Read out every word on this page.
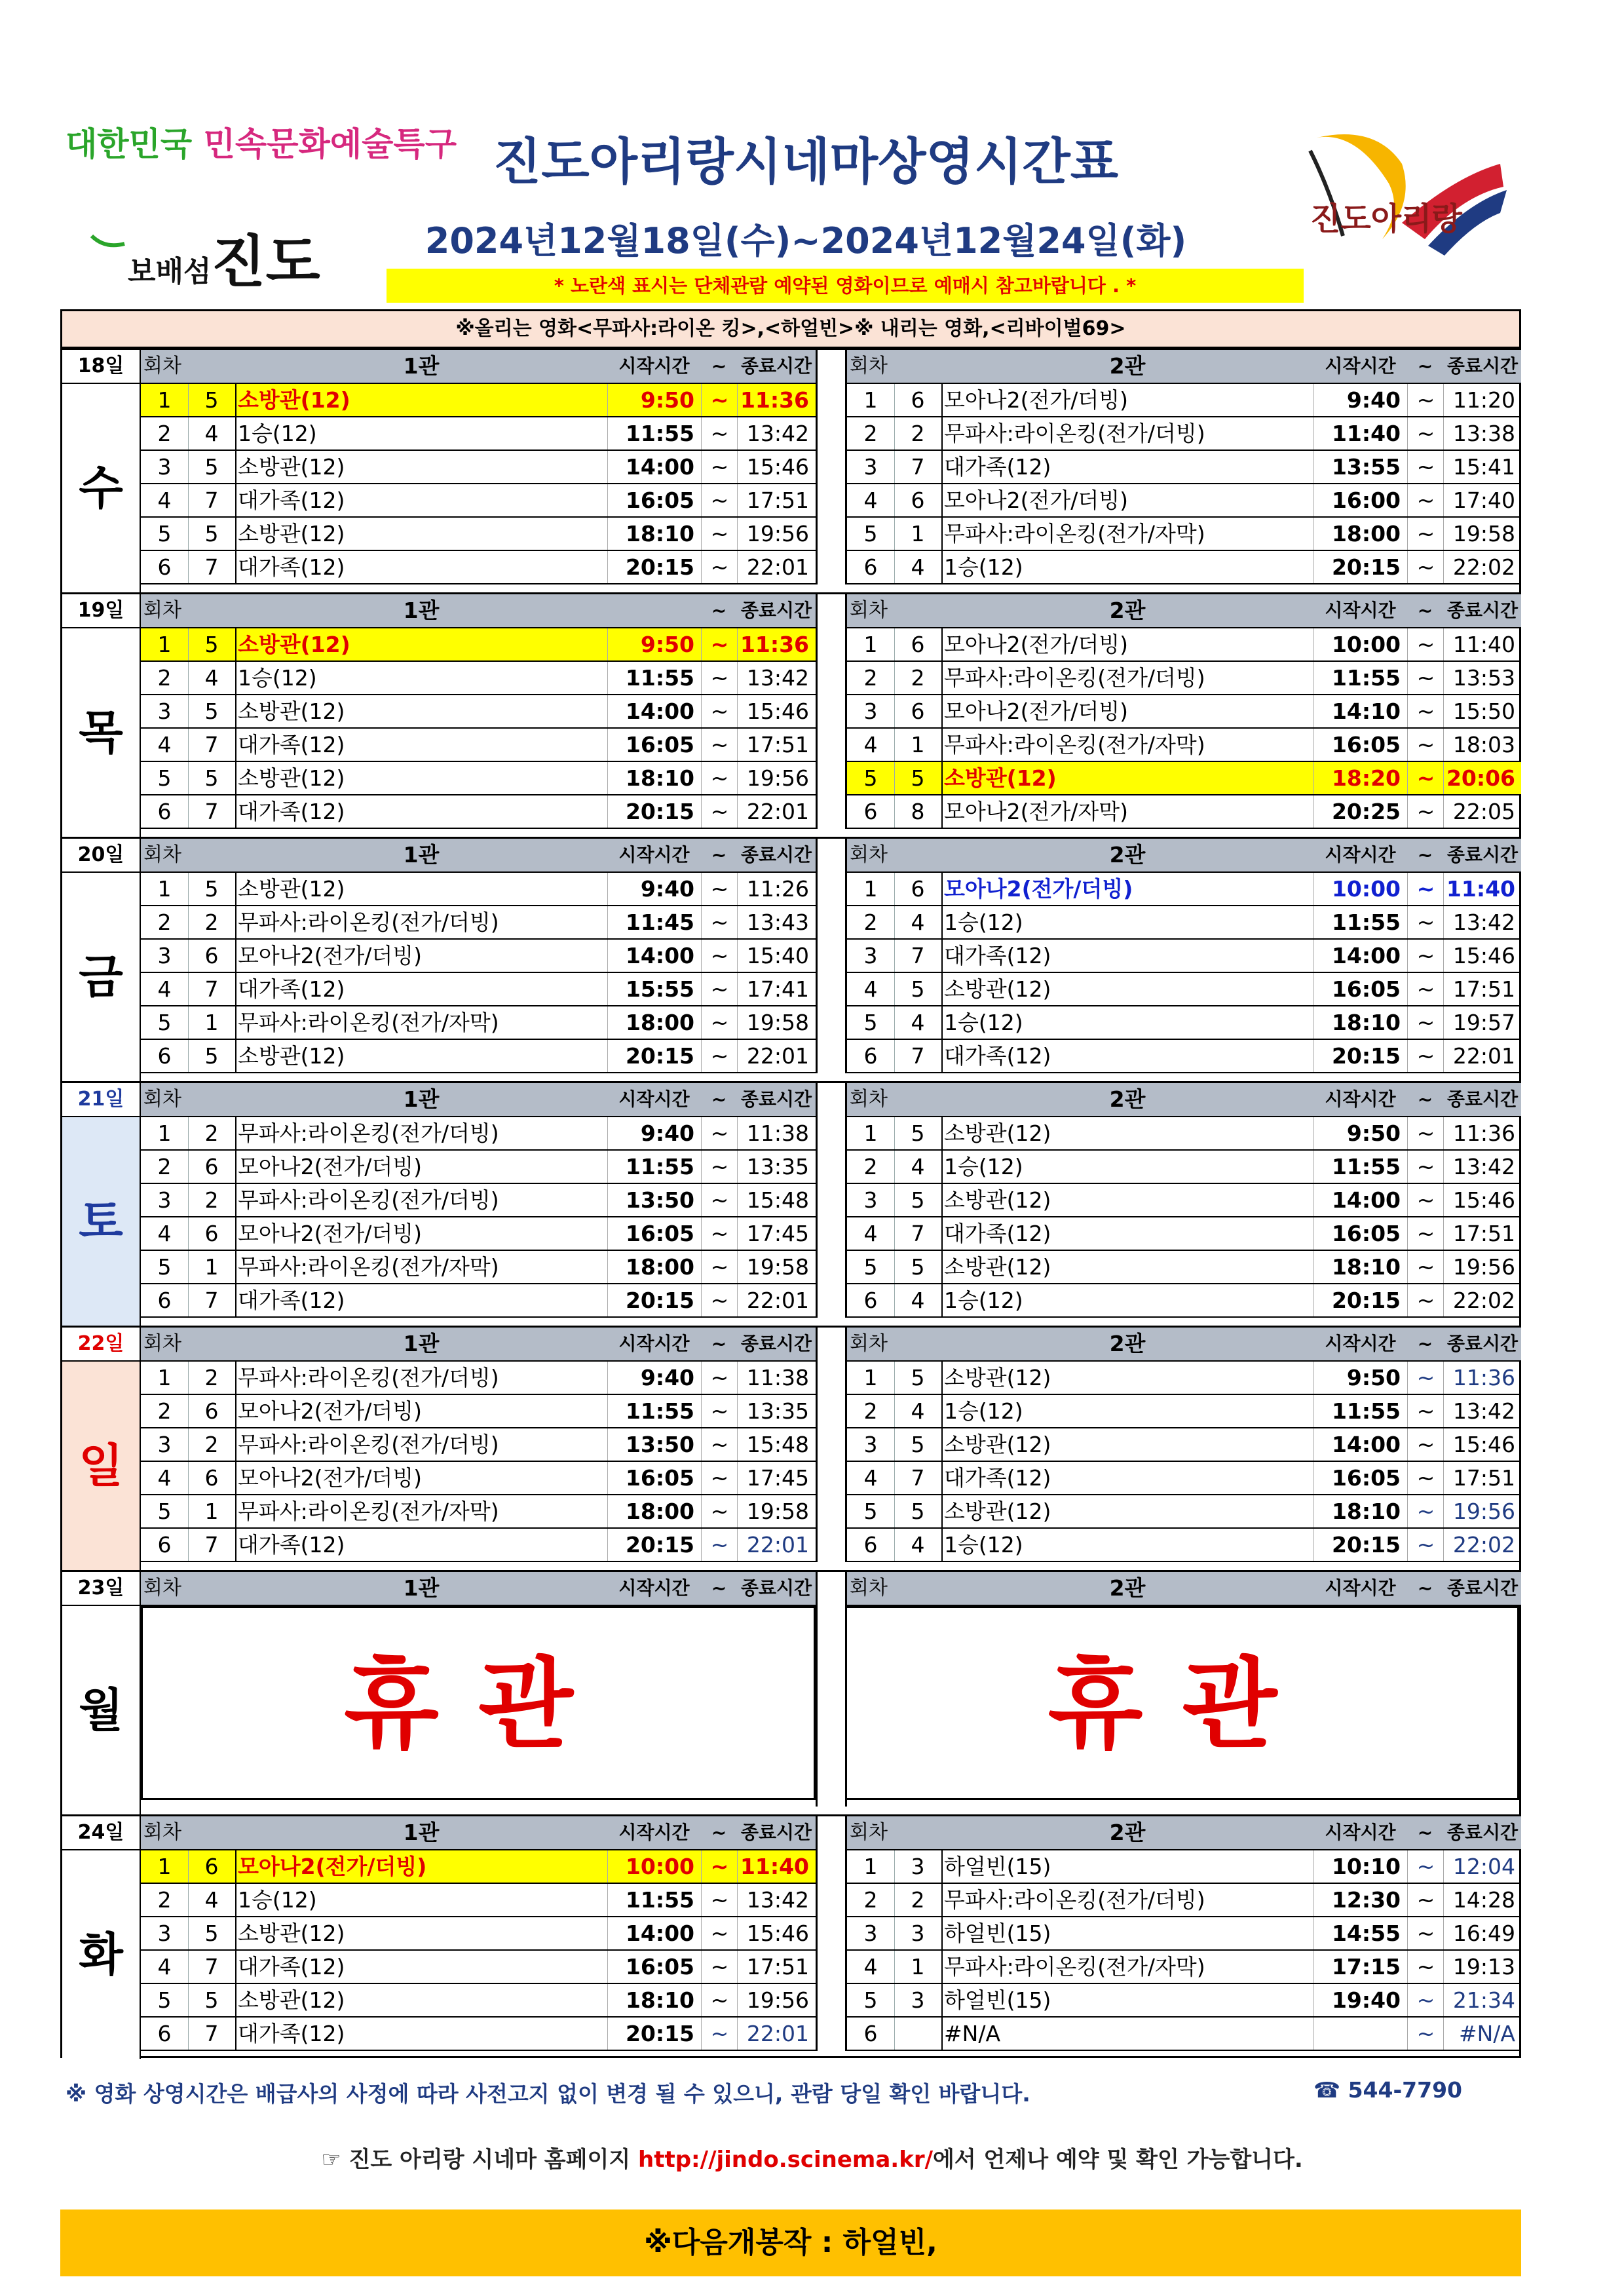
대한민국 민속문화예술특구
보배섬진도
진도아리랑시네마상영시간표
2024년12월18일(수)~2024년12월24일(화)
* 노란색 표시는 단체관람 예약된 영화이므로 예매시 참고바랍니다 . *
진도아리랑
※올리는 영화<무파사:라이온 킹>,<하얼빈>※ 내리는 영화,<리바이벌69>
18일
수
회차	1관	시작시간	~ 종료시간
1	5 소방관(12)	9:50 ~ 11:36
2	4 1승(12)	11:55 ~ 13:42
3	5 소방관(12)	14:00 ~ 15:46
4	7 대가족(12)	16:05 ~ 17:51
5	5 소방관(12)	18:10 ~ 19:56
6	7 대가족(12)	20:15 ~ 22:01
회차	2관	시작시간	~ 종료시간
1	6 모아나2(전가/더빙)	9:40 ~ 11:20
2	2 무파사:라이온킹(전가/더빙)	11:40 ~ 13:38
3	7 대가족(12)	13:55 ~ 15:41
4	6 모아나2(전가/더빙)	16:00 ~ 17:40
5	1 무파사:라이온킹(전가/자막)	18:00 ~ 19:58
6	4 1승(12)	20:15 ~ 22:02
19일
목
회차	1관	~ 종료시간
1	5 소방관(12)	9:50 ~ 11:36
2	4 1승(12)	11:55 ~ 13:42
3	5 소방관(12)	14:00 ~ 15:46
4	7 대가족(12)	16:05 ~ 17:51
5	5 소방관(12)	18:10 ~ 19:56
6	7 대가족(12)	20:15 ~ 22:01
회차	2관	시작시간	~ 종료시간
1	6 모아나2(전가/더빙)	10:00 ~ 11:40
2	2 무파사:라이온킹(전가/더빙)	11:55 ~ 13:53
3	6 모아나2(전가/더빙)	14:10 ~ 15:50
4	1 무파사:라이온킹(전가/자막)	16:05 ~ 18:03
5	5 소방관(12)	18:20 ~ 20:06
6	8 모아나2(전가/자막)	20:25 ~ 22:05
20일
금
회차	1관	시작시간	~ 종료시간
1	5 소방관(12)	9:40 ~ 11:26
2	2 무파사:라이온킹(전가/더빙)	11:45 ~ 13:43
3	6 모아나2(전가/더빙)	14:00 ~ 15:40
4	7 대가족(12)	15:55 ~ 17:41
5	1 무파사:라이온킹(전가/자막)	18:00 ~ 19:58
6	5 소방관(12)	20:15 ~ 22:01
회차	2관	시작시간	~ 종료시간
1	6 모아나2(전가/더빙)	10:00 ~ 11:40
2	4 1승(12)	11:55 ~ 13:42
3	7 대가족(12)	14:00 ~ 15:46
4	5 소방관(12)	16:05 ~ 17:51
5	4 1승(12)	18:10 ~ 19:57
6	7 대가족(12)	20:15 ~ 22:01
21일
토
회차	1관	시작시간	~ 종료시간
1	2 무파사:라이온킹(전가/더빙)	9:40 ~ 11:38
2	6 모아나2(전가/더빙)	11:55 ~ 13:35
3	2 무파사:라이온킹(전가/더빙)	13:50 ~ 15:48
4	6 모아나2(전가/더빙)	16:05 ~ 17:45
5	1 무파사:라이온킹(전가/자막)	18:00 ~ 19:58
6	7 대가족(12)	20:15 ~ 22:01
회차	2관	시작시간	~ 종료시간
1	5 소방관(12)	9:50 ~ 11:36
2	4 1승(12)	11:55 ~ 13:42
3	5 소방관(12)	14:00 ~ 15:46
4	7 대가족(12)	16:05 ~ 17:51
5	5 소방관(12)	18:10 ~ 19:56
6	4 1승(12)	20:15 ~ 22:02
22일
일
회차	1관	시작시간	~ 종료시간
1	2 무파사:라이온킹(전가/더빙)	9:40 ~ 11:38
2	6 모아나2(전가/더빙)	11:55 ~ 13:35
3	2 무파사:라이온킹(전가/더빙)	13:50 ~ 15:48
4	6 모아나2(전가/더빙)	16:05 ~ 17:45
5	1 무파사:라이온킹(전가/자막)	18:00 ~ 19:58
6	7 대가족(12)	20:15 ~ 22:01
회차	2관	시작시간	~ 종료시간
1	5 소방관(12)	9:50 ~ 11:36
2	4 1승(12)	11:55 ~ 13:42
3	5 소방관(12)	14:00 ~ 15:46
4	7 대가족(12)	16:05 ~ 17:51
5	5 소방관(12)	18:10 ~ 19:56
6	4 1승(12)	20:15 ~ 22:02
23일
월
회차	1관	시작시간	~ 종료시간 회차	2관	시작시간	~ 종료시간
휴관	휴관
24일
화
회차	1관	시작시간	~ 종료시간
1	6 모아나2(전가/더빙)	10:00 ~ 11:40
2	4 1승(12)	11:55 ~ 13:42
3	5 소방관(12)	14:00 ~ 15:46
4	7 대가족(12)	16:05 ~ 17:51
5	5 소방관(12)	18:10 ~ 19:56
6	7 대가족(12)	20:15 ~ 22:01
회차	2관	시작시간	~ 종료시간
1	3 하얼빈(15)	10:10 ~ 12:04
2	2 무파사:라이온킹(전가/더빙)	12:30 ~ 14:28
3	3 하얼빈(15)	14:55 ~ 16:49
4	1 무파사:라이온킹(전가/자막)	17:15 ~ 19:13
5	3 하얼빈(15)	19:40 ~ 21:34
6	#N/A	~	#N/A
※ 영화 상영시간은 배급사의 사정에 따라 사전고지 없이 변경 될 수 있으니, 관람 당일 확인 바랍니다.	☎ 544-7790
☞ 진도 아리랑 시네마 홈페이지 http://jindo.scinema.kr/에서 언제나 예약 및 확인 가능합니다.
※다음개봉작 : 하얼빈,
